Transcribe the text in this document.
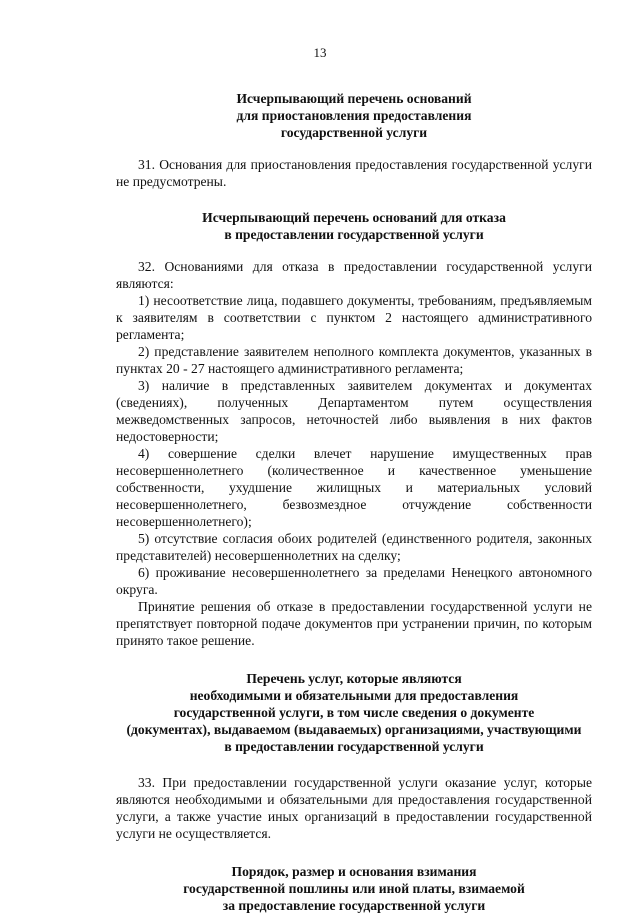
13
Исчерпывающий перечень оснований
для приостановления предоставления
государственной услуги

31. Основания для приостановления предоставления государственной услуги не предусмотрены.

Исчерпывающий перечень оснований для отказа
в предоставлении государственной услуги

32. Основаниями для отказа в предоставлении государственной услуги являются:

1) несоответствие лица, подавшего документы, требованиям, предъявляемым к заявителям в соответствии с пунктом 2 настоящего административного регламента;

2) представление заявителем неполного комплекта документов, указанных в пунктах 20 - 27 настоящего административного регламента;

3) наличие в представленных заявителем документах и документах (сведениях), полученных Департаментом путем осуществления межведомственных запросов, неточностей либо выявления в них фактов недостоверности;

4) совершение сделки влечет нарушение имущественных прав несовершеннолетнего (количественное и качественное уменьшение собственности, ухудшение жилищных и материальных условий несовершеннолетнего, безвозмездное отчуждение собственности несовершеннолетнего);

5) отсутствие согласия обоих родителей (единственного родителя, законных представителей) несовершеннолетних на сделку;

6) проживание несовершеннолетнего за пределами Ненецкого автономного округа.

Принятие решения об отказе в предоставлении государственной услуги не препятствует повторной подаче документов при устранении причин, по которым принято такое решение.

Перечень услуг, которые являются
необходимыми и обязательными для предоставления
государственной услуги, в том числе сведения о документе
(документах), выдаваемом (выдаваемых) организациями, участвующими
в предоставлении государственной услуги

33. При предоставлении государственной услуги оказание услуг, которые являются необходимыми и обязательными для предоставления государственной услуги, а также участие иных организаций в предоставлении государственной услуги не осуществляется.

Порядок, размер и основания взимания
государственной пошлины или иной платы, взимаемой
за предоставление государственной услуги
